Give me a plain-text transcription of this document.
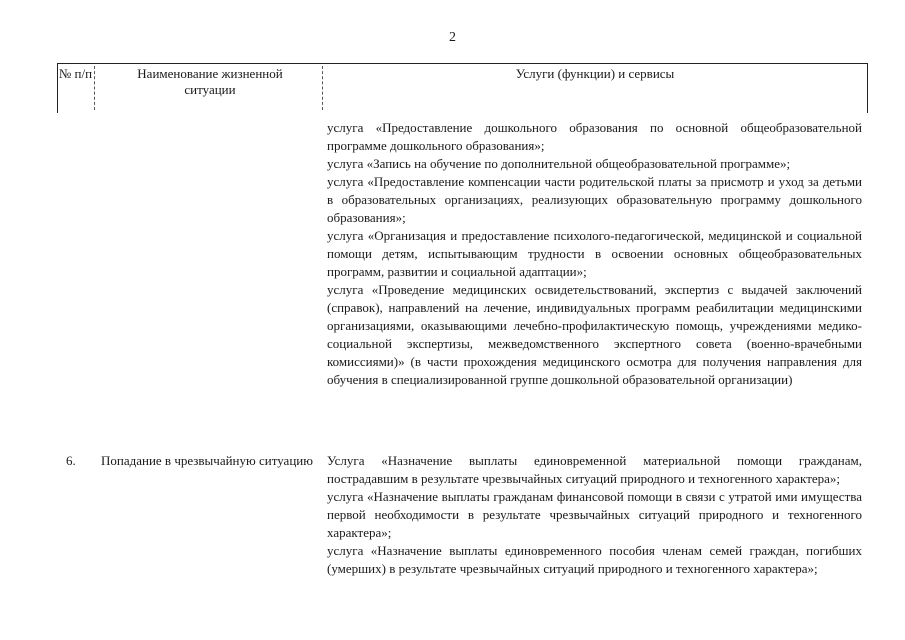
2
№ п/п	Наименование жизненной ситуации
Услуги (функции) и сервисы

услуга «Предоставление дошкольного образования по основной общеобразовательной программе дошкольного образования»;

услуга «Запись на обучение по дополнительной общеобразовательной программе»;

услуга «Предоставление компенсации части родительской платы за присмотр и уход за детьми в образовательных организациях, реализующих образовательную программу дошкольного образования»;

услуга «Организация и предоставление психолого-педагогической, медицинской и социальной помощи детям, испытывающим трудности в освоении основных общеобразовательных программ, развитии и социальной адаптации»;

услуга «Проведение медицинских освидетельствований, экспертиз с выдачей заключений (справок), направлений на лечение, индивидуальных программ реабилитации медицинскими организациями, оказывающими лечебно-профилактическую помощь, учреждениями медико-социальной экспертизы, межведомственного экспертного совета (военно-врачебными комиссиями)» (в части прохождения медицинского осмотра для получения направления для обучения в специализированной группе дошкольной образовательной организации)

6.	Попадание в чрезвычайную ситуацию Услуга «Назначение выплаты единовременной материальной помощи гражданам, пострадавшим в результате чрезвычайных ситуаций природного и техногенного характера»;

услуга «Назначение выплаты гражданам финансовой помощи в связи с утратой ими имущества первой необходимости в результате чрезвычайных ситуаций природного и техногенного характера»;

услуга «Назначение выплаты единовременного пособия членам семей граждан, погибших (умерших) в результате чрезвычайных ситуаций природного и техногенного характера»;
